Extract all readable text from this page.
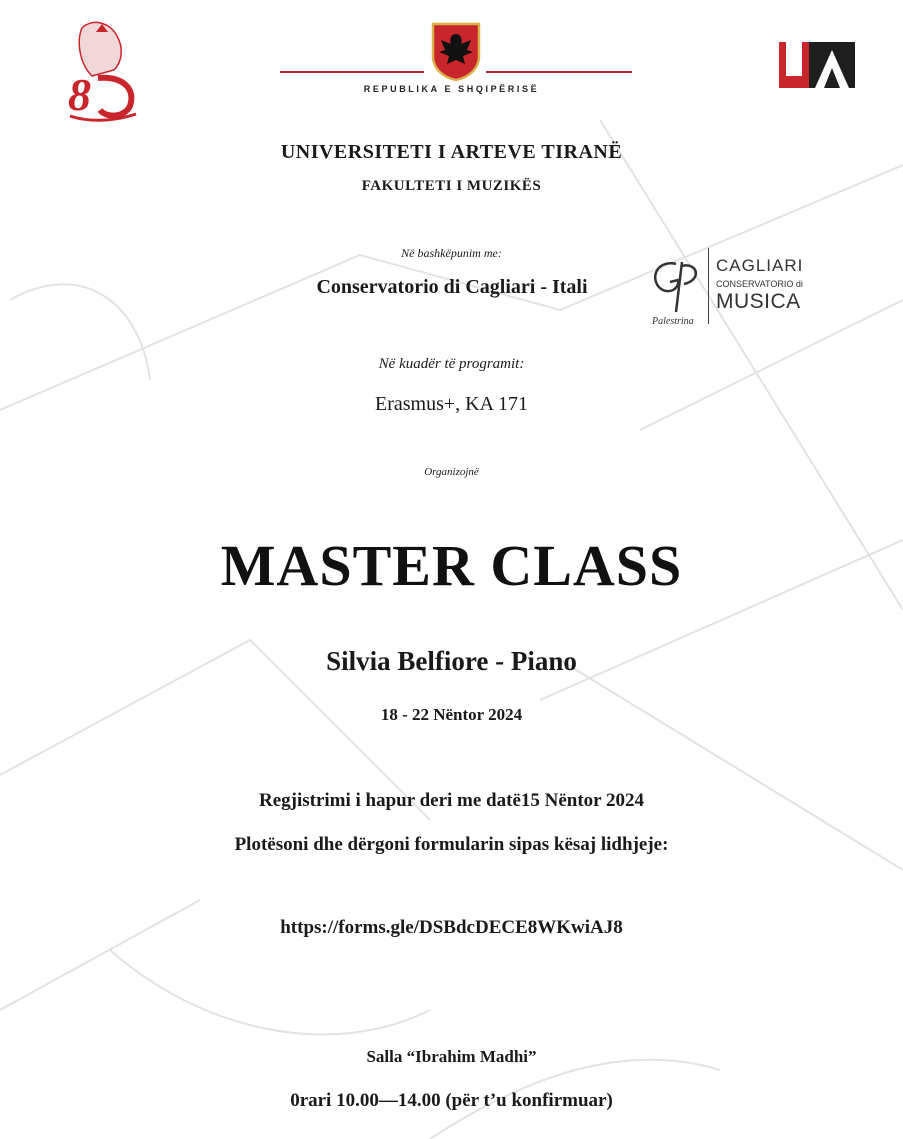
8	REPUBLIKA E SHQIPËRISË
UNIVERSITETI I ARTEVE TIRANË
FAKULTETI I MUZIKËS
Në bashkëpunim me:
Conservatorio di Cagliari - Itali
Palestrina
CAGLIARI
CONSERVATORIO di
MUSICA
Në kuadër të programit:
Erasmus+, KA 171
Organizojnë
MASTER CLASS
Silvia Belfiore - Piano
18 - 22 Nëntor 2024
Regjistrimi i hapur deri me datë15 Nëntor 2024
Plotësoni dhe dërgoni formularin sipas kësaj lidhjeje:
https://forms.gle/DSBdcDECE8WKwiAJ8
Salla “Ibrahim Madhi”
0rari 10.00—14.00 (për t’u konfirmuar)
